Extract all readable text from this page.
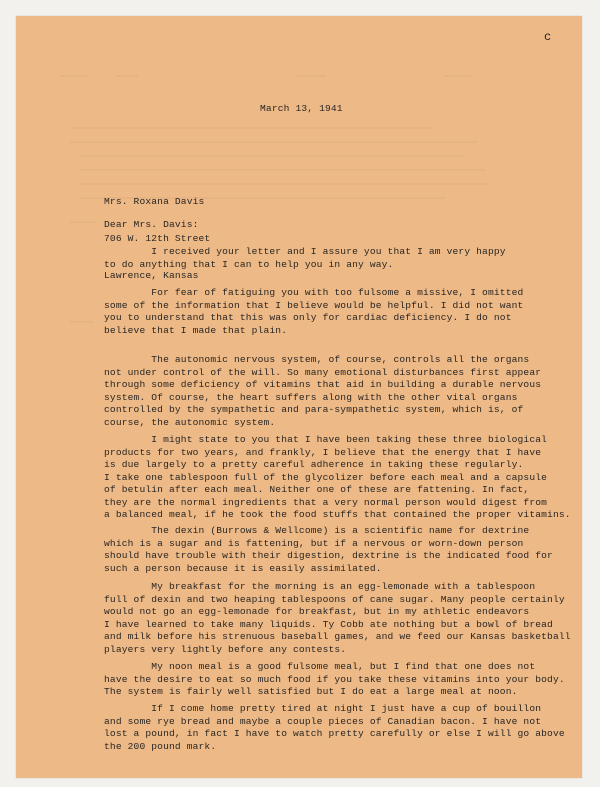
c
March 13, 1941

Mrs. Roxana Davis

706 W. 12th Street

Lawrence, Kansas

Dear Mrs. Davis:
I received your letter and I assure you that I am very happy
to do anything that I can to help you in any way.
For fear of fatiguing you with too fulsome a missive, I omitted
some of the information that I believe would be helpful. I did not want
you to understand that this was only for cardiac deficiency. I do not
believe that I made that plain.
The autonomic nervous system, of course, controls all the organs
not under control of the will. So many emotional disturbances first appear
through some deficiency of vitamins that aid in building a durable nervous
system. Of course, the heart suffers along with the other vital organs
controlled by the sympathetic and para-sympathetic system, which is, of
course, the autonomic system.
I might state to you that I have been taking these three biological
products for two years, and frankly, I believe that the energy that I have
is due largely to a pretty careful adherence in taking these regularly.
I take one tablespoon full of the glycolizer before each meal and a capsule
of betulin after each meal. Neither one of these are fattening. In fact,
they are the normal ingredients that a very normal person would digest from
a balanced meal, if he took the food stuffs that contained the proper vitamins.
The dexin (Burrows & Wellcome) is a scientific name for dextrine
which is a sugar and is fattening, but if a nervous or worn-down person
should have trouble with their digestion, dextrine is the indicated food for
such a person because it is easily assimilated.
My breakfast for the morning is an egg-lemonade with a tablespoon
full of dexin and two heaping tablespoons of cane sugar. Many people certainly
would not go an egg-lemonade for breakfast, but in my athletic endeavors
I have learned to take many liquids. Ty Cobb ate nothing but a bowl of bread
and milk before his strenuous baseball games, and we feed our Kansas basketball
players very lightly before any contests.
My noon meal is a good fulsome meal, but I find that one does not
have the desire to eat so much food if you take these vitamins into your body.
The system is fairly well satisfied but I do eat a large meal at noon.
If I come home pretty tired at night I just have a cup of bouillon
and some rye bread and maybe a couple pieces of Canadian bacon. I have not
lost a pound, in fact I have to watch pretty carefully or else I will go above
the 200 pound mark.
